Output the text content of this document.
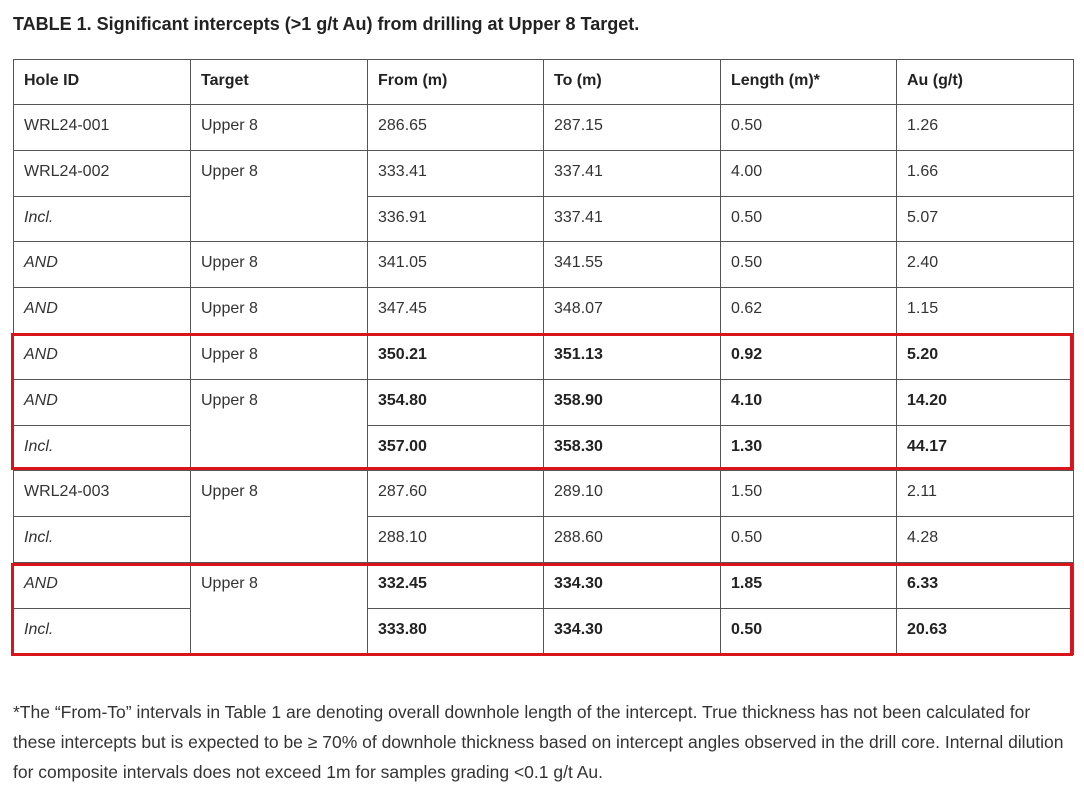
TABLE 1. Significant intercepts (>1 g/t Au) from drilling at Upper 8 Target.
Hole ID	Target	From (m)	To (m)	Length (m)*	Au (g/t)
WRL24-001	Upper 8	286.65	287.15	0.50	1.26
WRL24-002	Upper 8	333.41	337.41	4.00	1.66
Incl.		336.91	337.41	0.50	5.07
AND	Upper 8	341.05	341.55	0.50	2.40
AND	Upper 8	347.45	348.07	0.62	1.15
AND	Upper 8	350.21	351.13	0.92	5.20
AND	Upper 8	354.80	358.90	4.10	14.20
Incl.		357.00	358.30	1.30	44.17
WRL24-003	Upper 8	287.60	289.10	1.50	2.11
Incl.		288.10	288.60	0.50	4.28
AND	Upper 8	332.45	334.30	1.85	6.33
Incl.		333.80	334.30	0.50	20.63
*The “From-To” intervals in Table 1 are denoting overall downhole length of the intercept. True thickness has not been calculated for these intercepts but is expected to be ≥ 70% of downhole thickness based on intercept angles observed in the drill core. Internal dilution for composite intervals does not exceed 1m for samples grading <0.1 g/t Au.
